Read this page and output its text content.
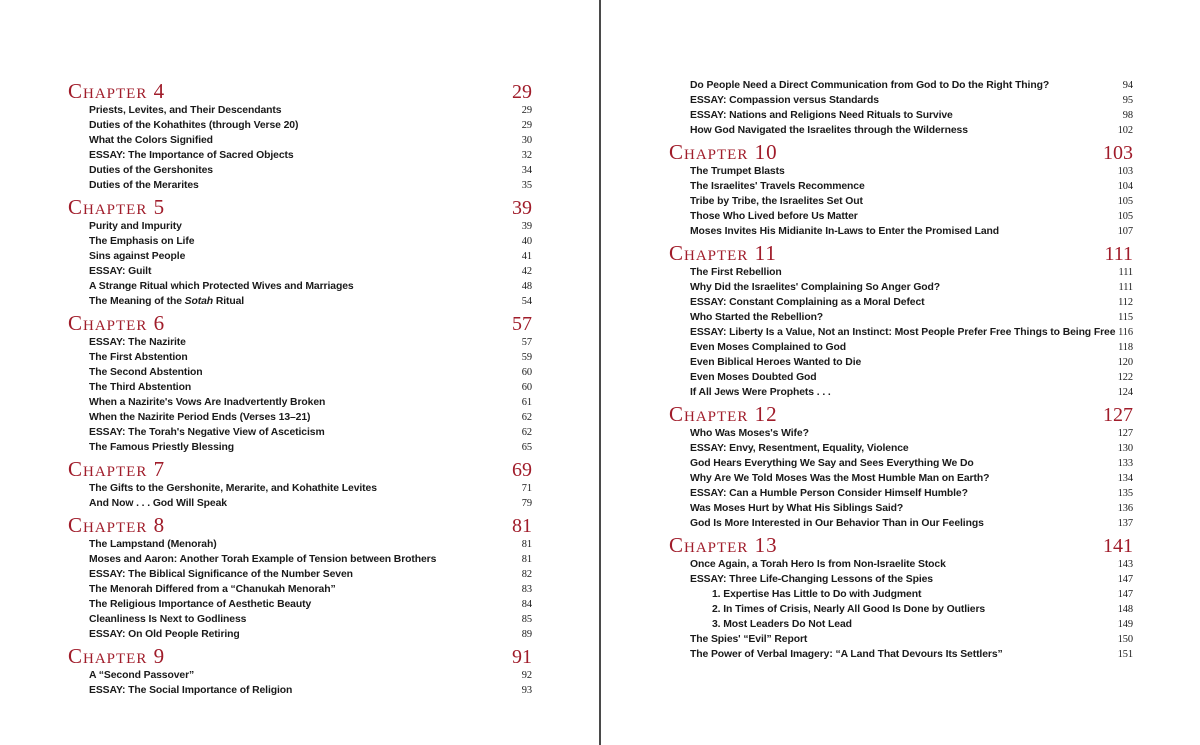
Chapter 4	29
Priests, Levites, and Their Descendants	29
Duties of the Kohathites (through Verse 20)	29
What the Colors Signified	30
ESSAY: The Importance of Sacred Objects	32
Duties of the Gershonites	34
Duties of the Merarites	35
Chapter 5	39
Purity and Impurity	39
The Emphasis on Life	40
Sins against People	41
ESSAY: Guilt	42
A Strange Ritual which Protected Wives and Marriages	48
The Meaning of the Sotah Ritual	54
Chapter 6	57
ESSAY: The Nazirite	57
The First Abstention	59
The Second Abstention	60
The Third Abstention	60
When a Nazirite's Vows Are Inadvertently Broken	61
When the Nazirite Period Ends (Verses 13–21)	62
ESSAY: The Torah's Negative View of Asceticism	62
The Famous Priestly Blessing	65
Chapter 7	69
The Gifts to the Gershonite, Merarite, and Kohathite Levites	71
And Now . . . God Will Speak	79
Chapter 8	81
The Lampstand (Menorah)	81
Moses and Aaron: Another Torah Example of Tension between Brothers	81
ESSAY: The Biblical Significance of the Number Seven	82
The Menorah Differed from a “Chanukah Menorah”	83
The Religious Importance of Aesthetic Beauty	84
Cleanliness Is Next to Godliness	85
ESSAY: On Old People Retiring	89
Chapter 9	91
A “Second Passover”	92
ESSAY: The Social Importance of Religion	93
Do People Need a Direct Communication from God to Do the Right Thing?	94
ESSAY: Compassion versus Standards	95
ESSAY: Nations and Religions Need Rituals to Survive	98
How God Navigated the Israelites through the Wilderness	102
Chapter 10	103
The Trumpet Blasts	103
The Israelites' Travels Recommence	104
Tribe by Tribe, the Israelites Set Out	105
Those Who Lived before Us Matter	105
Moses Invites His Midianite In-Laws to Enter the Promised Land	107
Chapter 11	111
The First Rebellion	111
Why Did the Israelites' Complaining So Anger God?	111
ESSAY: Constant Complaining as a Moral Defect	112
Who Started the Rebellion?	115
ESSAY: Liberty Is a Value, Not an Instinct: Most People Prefer Free Things to Being Free 116
Even Moses Complained to God	118
Even Biblical Heroes Wanted to Die	120
Even Moses Doubted God	122
If All Jews Were Prophets . . .	124
Chapter 12	127
Who Was Moses's Wife?	127
ESSAY: Envy, Resentment, Equality, Violence	130
God Hears Everything We Say and Sees Everything We Do	133
Why Are We Told Moses Was the Most Humble Man on Earth?	134
ESSAY: Can a Humble Person Consider Himself Humble?	135
Was Moses Hurt by What His Siblings Said?	136
God Is More Interested in Our Behavior Than in Our Feelings	137
Chapter 13	141
Once Again, a Torah Hero Is from Non-Israelite Stock	143
ESSAY: Three Life-Changing Lessons of the Spies	147
1. Expertise Has Little to Do with Judgment	147
2. In Times of Crisis, Nearly All Good Is Done by Outliers	148
3. Most Leaders Do Not Lead	149
The Spies' “Evil” Report	150
The Power of Verbal Imagery: “A Land That Devours Its Settlers”	151
